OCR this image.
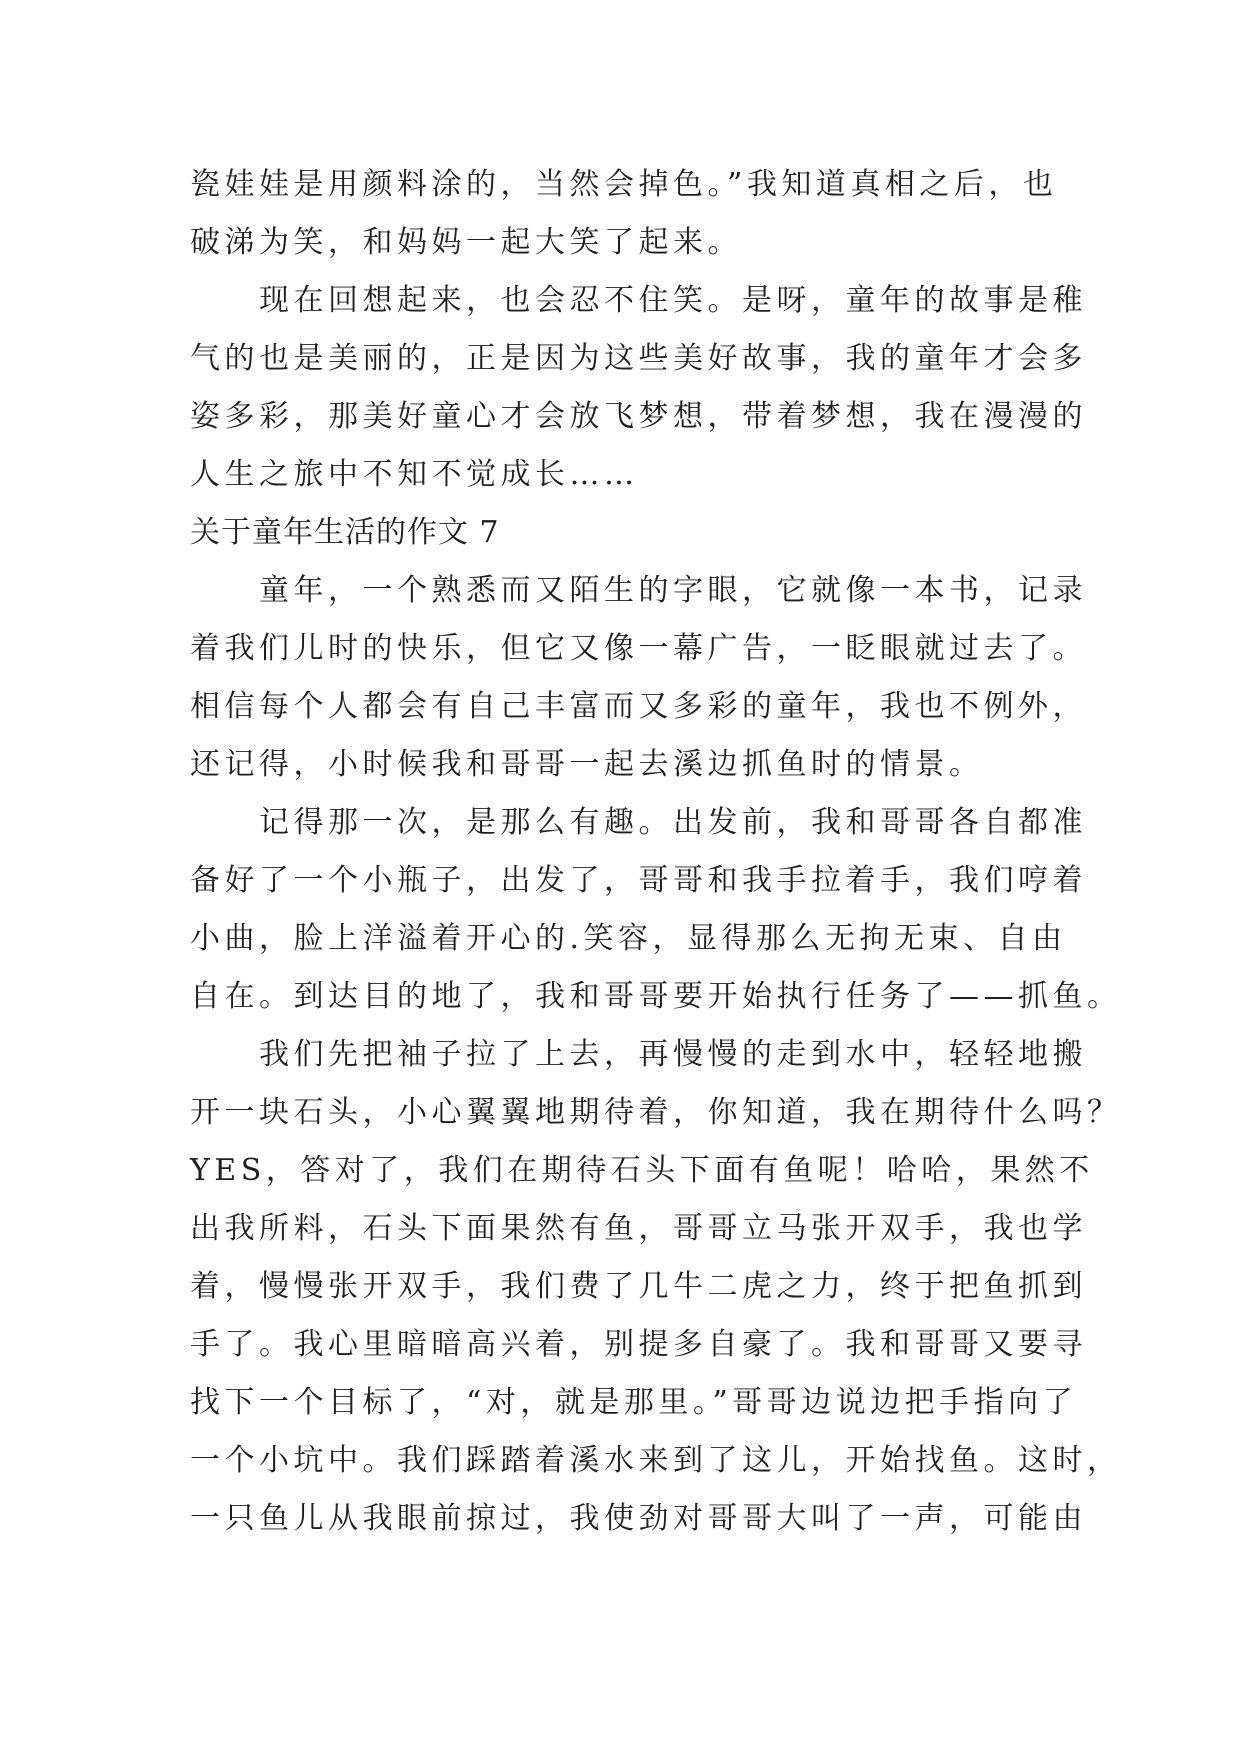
瓷娃娃是用颜料涂的，当然会掉色。”我知道真相之后，也
破涕为笑，和妈妈一起大笑了起来。
　　现在回想起来，也会忍不住笑。是呀，童年的故事是稚
气的也是美丽的，正是因为这些美好故事，我的童年才会多
姿多彩，那美好童心才会放飞梦想，带着梦想，我在漫漫的
人生之旅中不知不觉成长……
关于童年生活的作文 7
　　童年，一个熟悉而又陌生的字眼，它就像一本书，记录
着我们儿时的快乐，但它又像一幕广告，一眨眼就过去了。
相信每个人都会有自己丰富而又多彩的童年，我也不例外，
还记得，小时候我和哥哥一起去溪边抓鱼时的情景。
　　记得那一次，是那么有趣。出发前，我和哥哥各自都准
备好了一个小瓶子，出发了，哥哥和我手拉着手，我们哼着
小曲，脸上洋溢着开心的.笑容，显得那么无拘无束、自由
自在。到达目的地了，我和哥哥要开始执行任务了——抓鱼。
　　我们先把袖子拉了上去，再慢慢的走到水中，轻轻地搬
开一块石头，小心翼翼地期待着，你知道，我在期待什么吗？
YES，答对了，我们在期待石头下面有鱼呢！哈哈，果然不
出我所料，石头下面果然有鱼，哥哥立马张开双手，我也学
着，慢慢张开双手，我们费了几牛二虎之力，终于把鱼抓到
手了。我心里暗暗高兴着，别提多自豪了。我和哥哥又要寻
找下一个目标了，“对，就是那里。”哥哥边说边把手指向了
一个小坑中。我们踩踏着溪水来到了这儿，开始找鱼。这时，
一只鱼儿从我眼前掠过，我使劲对哥哥大叫了一声，可能由
